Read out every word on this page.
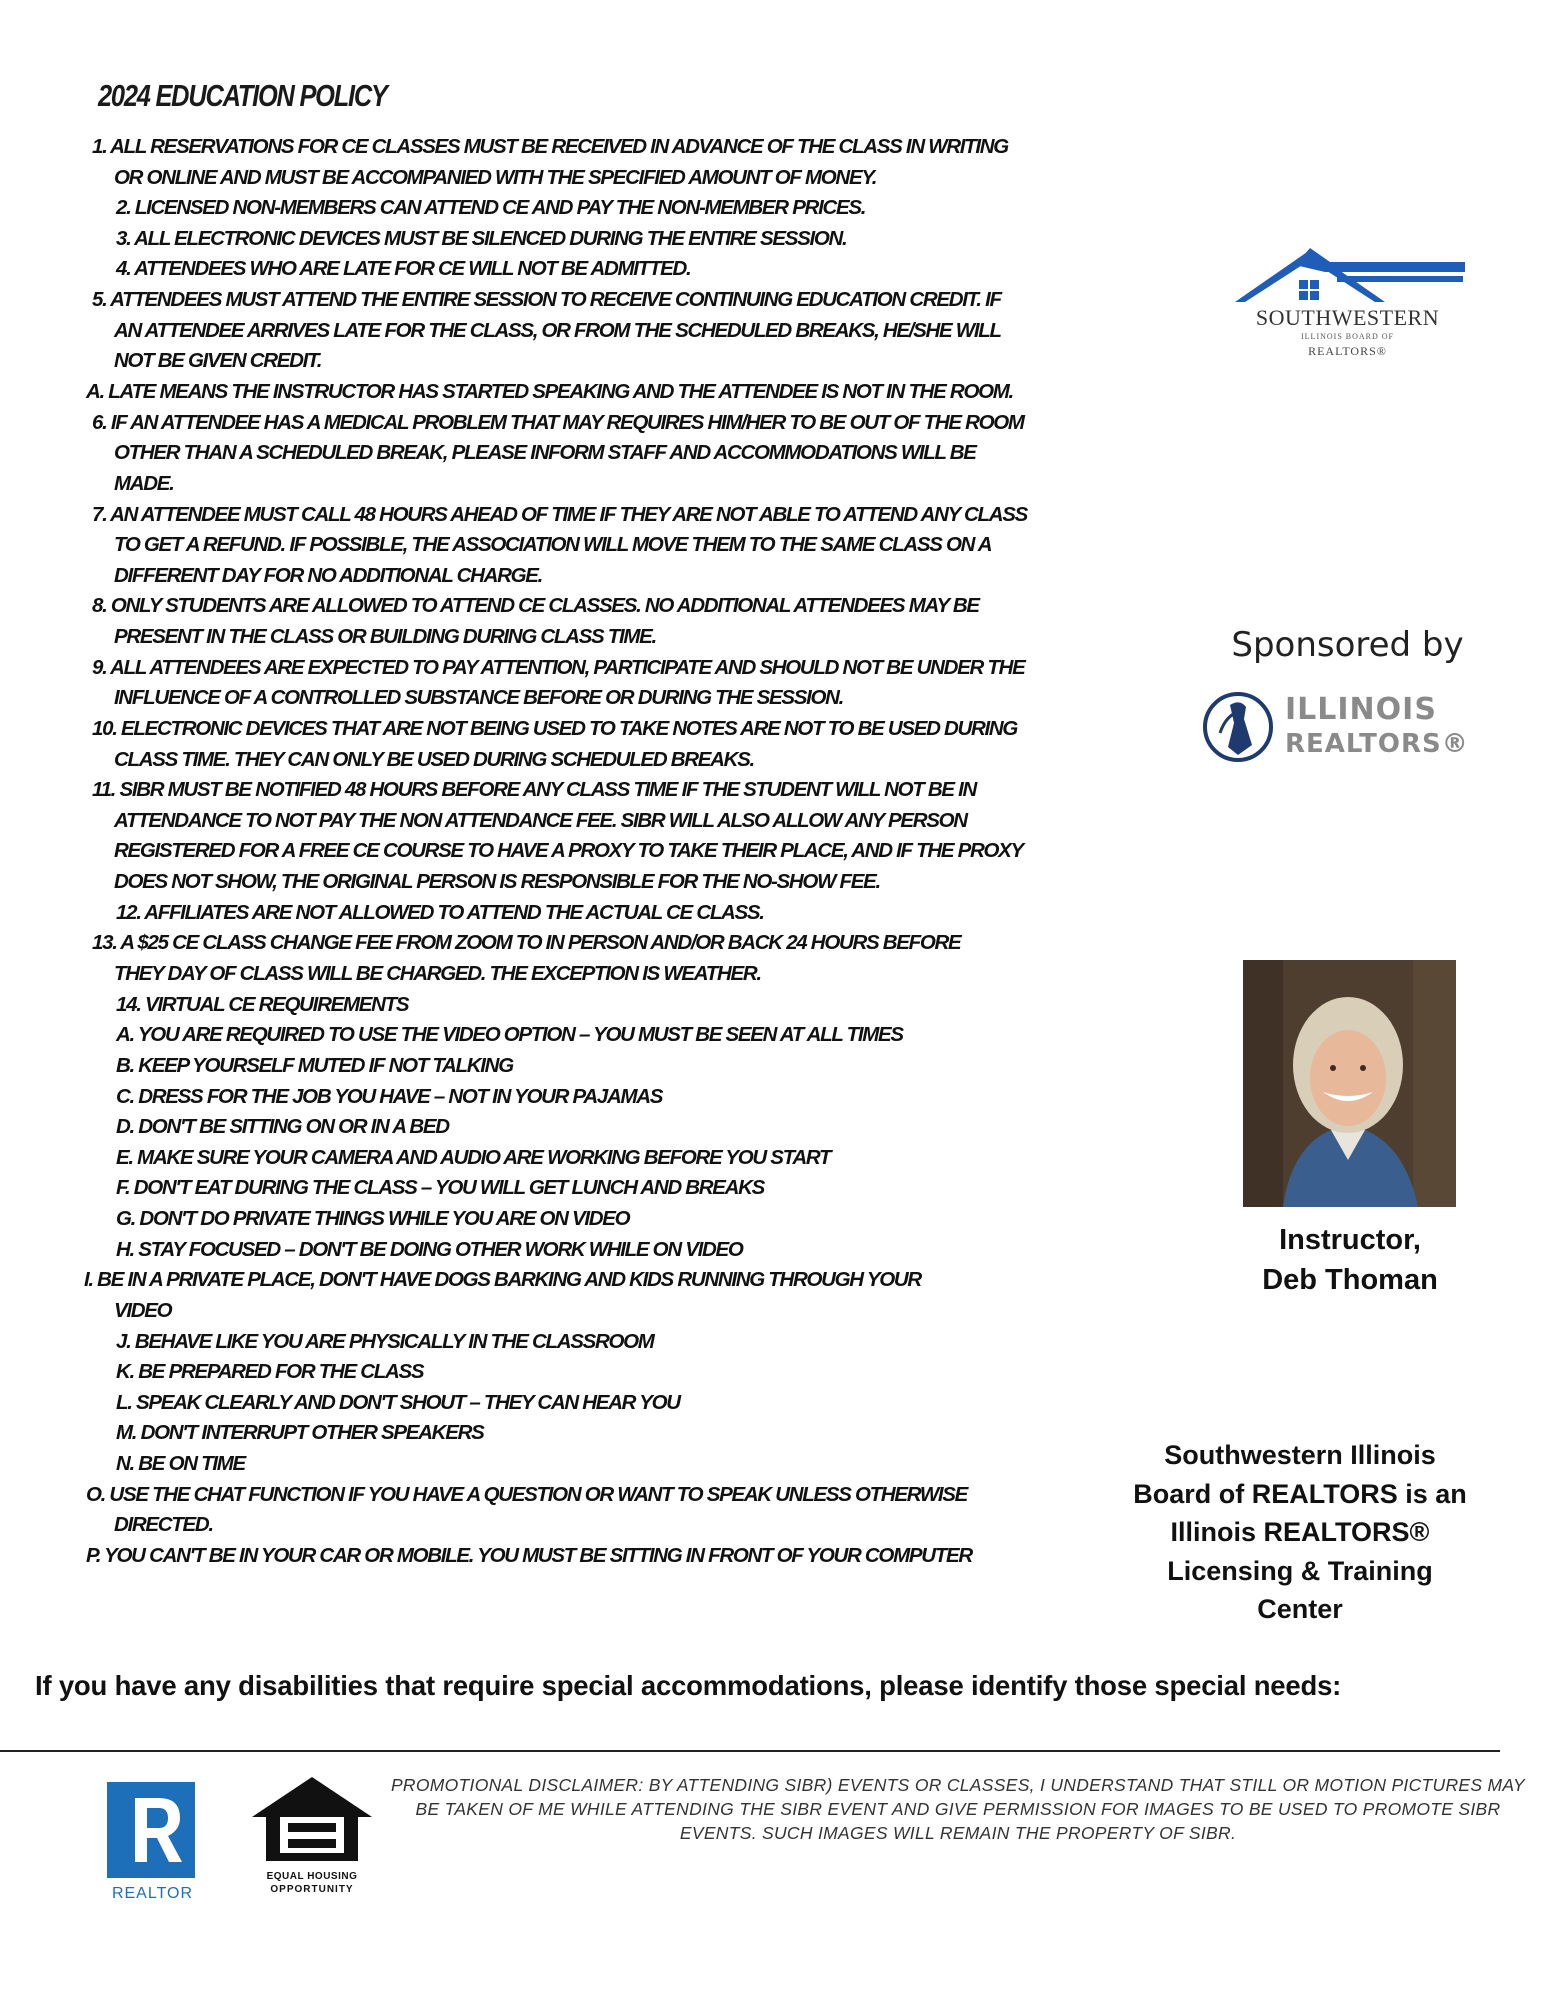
2024 EDUCATION POLICY
1. ALL RESERVATIONS FOR CE CLASSES MUST BE RECEIVED IN ADVANCE OF THE CLASS IN WRITING
OR ONLINE AND MUST BE ACCOMPANIED WITH THE SPECIFIED AMOUNT OF MONEY.
2. LICENSED NON-MEMBERS CAN ATTEND CE AND PAY THE NON-MEMBER PRICES.
3. ALL ELECTRONIC DEVICES MUST BE SILENCED DURING THE ENTIRE SESSION.
4. ATTENDEES WHO ARE LATE FOR CE WILL NOT BE ADMITTED.
5. ATTENDEES MUST ATTEND THE ENTIRE SESSION TO RECEIVE CONTINUING EDUCATION CREDIT. IF
AN ATTENDEE ARRIVES LATE FOR THE CLASS, OR FROM THE SCHEDULED BREAKS, HE/SHE WILL
NOT BE GIVEN CREDIT.
A. LATE MEANS THE INSTRUCTOR HAS STARTED SPEAKING AND THE ATTENDEE IS NOT IN THE ROOM.
6. IF AN ATTENDEE HAS A MEDICAL PROBLEM THAT MAY REQUIRES HIM/HER TO BE OUT OF THE ROOM
OTHER THAN A SCHEDULED BREAK, PLEASE INFORM STAFF AND ACCOMMODATIONS WILL BE
MADE.
7. AN ATTENDEE MUST CALL 48 HOURS AHEAD OF TIME IF THEY ARE NOT ABLE TO ATTEND ANY CLASS
TO GET A REFUND. IF POSSIBLE, THE ASSOCIATION WILL MOVE THEM TO THE SAME CLASS ON A
DIFFERENT DAY FOR NO ADDITIONAL CHARGE.
8. ONLY STUDENTS ARE ALLOWED TO ATTEND CE CLASSES. NO ADDITIONAL ATTENDEES MAY BE
PRESENT IN THE CLASS OR BUILDING DURING CLASS TIME.
9. ALL ATTENDEES ARE EXPECTED TO PAY ATTENTION, PARTICIPATE AND SHOULD NOT BE UNDER THE
INFLUENCE OF A CONTROLLED SUBSTANCE BEFORE OR DURING THE SESSION.
10. ELECTRONIC DEVICES THAT ARE NOT BEING USED TO TAKE NOTES ARE NOT TO BE USED DURING
CLASS TIME. THEY CAN ONLY BE USED DURING SCHEDULED BREAKS.
11. SIBR MUST BE NOTIFIED 48 HOURS BEFORE ANY CLASS TIME IF THE STUDENT WILL NOT BE IN
ATTENDANCE TO NOT PAY THE NON ATTENDANCE FEE. SIBR WILL ALSO ALLOW ANY PERSON
REGISTERED FOR A FREE CE COURSE TO HAVE A PROXY TO TAKE THEIR PLACE, AND IF THE PROXY
DOES NOT SHOW, THE ORIGINAL PERSON IS RESPONSIBLE FOR THE NO-SHOW FEE.
12. AFFILIATES ARE NOT ALLOWED TO ATTEND THE ACTUAL CE CLASS.
13. A $25 CE CLASS CHANGE FEE FROM ZOOM TO IN PERSON AND/OR BACK 24 HOURS BEFORE
THEY DAY OF CLASS WILL BE CHARGED. THE EXCEPTION IS WEATHER.
14. VIRTUAL CE REQUIREMENTS
A. YOU ARE REQUIRED TO USE THE VIDEO OPTION – YOU MUST BE SEEN AT ALL TIMES
B. KEEP YOURSELF MUTED IF NOT TALKING
C. DRESS FOR THE JOB YOU HAVE – NOT IN YOUR PAJAMAS
D. DON'T BE SITTING ON OR IN A BED
E. MAKE SURE YOUR CAMERA AND AUDIO ARE WORKING BEFORE YOU START
F. DON'T EAT DURING THE CLASS – YOU WILL GET LUNCH AND BREAKS
G. DON'T DO PRIVATE THINGS WHILE YOU ARE ON VIDEO
H. STAY FOCUSED – DON'T BE DOING OTHER WORK WHILE ON VIDEO
I. BE IN A PRIVATE PLACE, DON'T HAVE DOGS BARKING AND KIDS RUNNING THROUGH YOUR
VIDEO
J. BEHAVE LIKE YOU ARE PHYSICALLY IN THE CLASSROOM
K. BE PREPARED FOR THE CLASS
L. SPEAK CLEARLY AND DON'T SHOUT – THEY CAN HEAR YOU
M. DON'T INTERRUPT OTHER SPEAKERS
N. BE ON TIME
O. USE THE CHAT FUNCTION IF YOU HAVE A QUESTION OR WANT TO SPEAK UNLESS OTHERWISE
DIRECTED.
P. YOU CAN'T BE IN YOUR CAR OR MOBILE. YOU MUST BE SITTING IN FRONT OF YOUR COMPUTER
SOUTHWESTERN
ILLINOIS BOARD OF
REALTORS®
Sponsored by
ILLINOIS
REALTORS®
Instructor,
Deb Thoman
Southwestern Illinois Board of REALTORS is an Illinois REALTORS® Licensing & Training Center
If you have any disabilities that require special accommodations, please identify those special needs:
REALTOR
EQUAL HOUSING
OPPORTUNITY
PROMOTIONAL DISCLAIMER: BY ATTENDING SIBR) EVENTS OR CLASSES, I UNDERSTAND THAT STILL OR MOTION PICTURES MAY BE TAKEN OF ME WHILE ATTENDING THE SIBR EVENT AND GIVE PERMISSION FOR IMAGES TO BE USED TO PROMOTE SIBR EVENTS. SUCH IMAGES WILL REMAIN THE PROPERTY OF SIBR.
